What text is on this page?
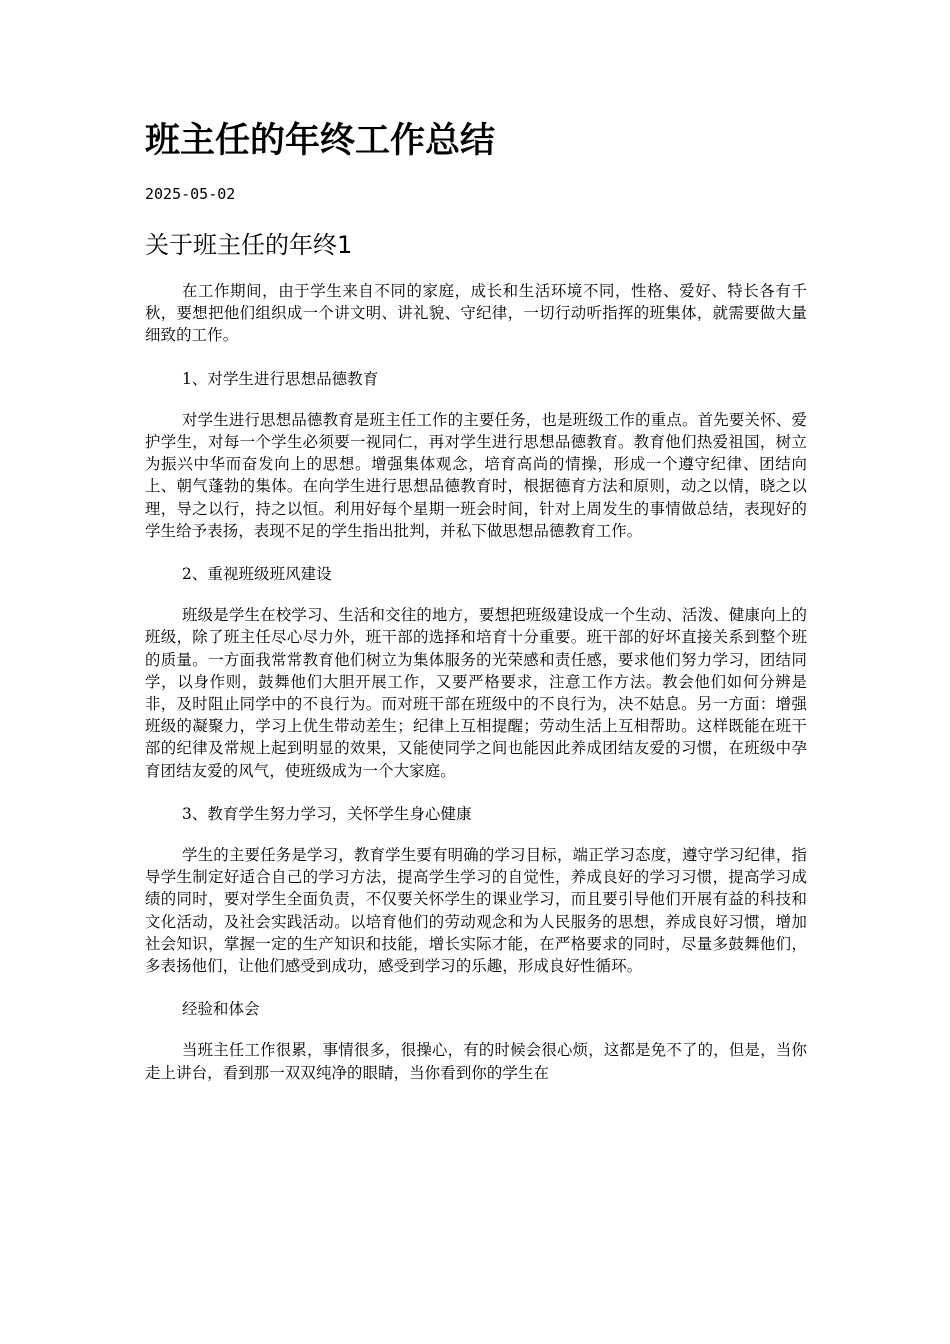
班主任的年终工作总结
2025-05-02
关于班主任的年终1

在工作期间，由于学生来自不同的家庭，成长和生活环境不同，性格、爱好、特长各有千秋，要想把他们组织成一个讲文明、讲礼貌、守纪律，一切行动听指挥的班集体，就需要做大量细致的工作。

1、对学生进行思想品德教育

对学生进行思想品德教育是班主任工作的主要任务，也是班级工作的重点。首先要关怀、爱护学生，对每一个学生必须要一视同仁，再对学生进行思想品德教育。教育他们热爱祖国，树立为振兴中华而奋发向上的思想。增强集体观念，培育高尚的情操，形成一个遵守纪律、团结向上、朝气蓬勃的集体。在向学生进行思想品德教育时，根据德育方法和原则，动之以情，晓之以理，导之以行，持之以恒。利用好每个星期一班会时间，针对上周发生的事情做总结，表现好的学生给予表扬，表现不足的学生指出批判，并私下做思想品德教育工作。

2、重视班级班风建设

班级是学生在校学习、生活和交往的地方，要想把班级建设成一个生动、活泼、健康向上的班级，除了班主任尽心尽力外，班干部的选择和培育十分重要。班干部的好坏直接关系到整个班的质量。一方面我常常教育他们树立为集体服务的光荣感和责任感，要求他们努力学习，团结同学，以身作则，鼓舞他们大胆开展工作，又要严格要求，注意工作方法。教会他们如何分辨是非，及时阻止同学中的不良行为。而对班干部在班级中的不良行为，决不姑息。另一方面：增强班级的凝聚力，学习上优生带动差生；纪律上互相提醒；劳动生活上互相帮助。这样既能在班干部的纪律及常规上起到明显的效果，又能使同学之间也能因此养成团结友爱的习惯，在班级中孕育团结友爱的风气，使班级成为一个大家庭。

3、教育学生努力学习，关怀学生身心健康

学生的主要任务是学习，教育学生要有明确的学习目标，端正学习态度，遵守学习纪律，指导学生制定好适合自己的学习方法，提高学生学习的自觉性，养成良好的学习习惯，提高学习成绩的同时，要对学生全面负责，不仅要关怀学生的课业学习，而且要引导他们开展有益的科技和文化活动，及社会实践活动。以培育他们的劳动观念和为人民服务的思想，养成良好习惯，增加社会知识，掌握一定的生产知识和技能，增长实际才能，在严格要求的同时，尽量多鼓舞他们，多表扬他们，让他们感受到成功，感受到学习的乐趣，形成良好性循环。

经验和体会

当班主任工作很累，事情很多，很操心，有的时候会很心烦，这都是免不了的，但是，当你走上讲台，看到那一双双纯净的眼睛，当你看到你的学生在
